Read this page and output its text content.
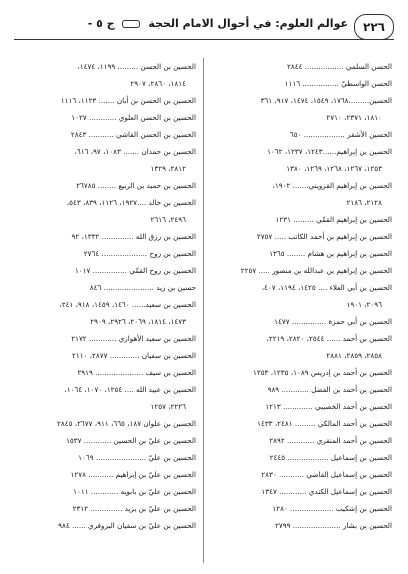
٢٢٦
عوالم العلوم: في أحوال الامام الحجة  ج ٥ -
الحسن السلمي ................. ٢٨٤٤
الحسن الواسطيّ ................ ١١١٦
الحسين.........١٧٦٨، ١٥٤٩، ١٤٧٤، ٩١٧، ٣٦١
١٨١٠، ٢٣٧١، ٢٧١٠
الحسين الأشقر .................. ٦٥٠
الحسين بن إبراهيم......١٢٤٣، ١٢٣٧، ١٠٦٢
١٢٥٣، ١٢٦٧، ١٢٦٨، ١٢٦٩، ١٣٨٠
الحسين بن إبراهيم القزويني....... ١٩٠٢،
٢١٢٨، ٢١٨٦
الحسين بن إبراهيم القمّي ......... ١٢٣١
الحسين بن إبراهيم بن أحمد الكاتب ..... ٢٧٥٧
الحسين بن إبراهيم بن هشام ........ ١٣٦٥
الحسين بن إبراهيم بن عبدالله بن منصور ..... ٢٢٥٧
الحسين بن أبي العلاء .... ١٤٢٥، ١١٩٤، ٤٠٧،
٢٠٩٦، ١٩٠١
الحسين بن أبي حمزة ............... ١٤٧٧
الحسين بن أحمد ...... ٢٥٤٤، ٢٨٢٠، ٢٢١٩،
٢٨٥٨، ٢٨٥٩، ٢٨٨١
الحسين بن أحمد بن إدريس ١٠٨٩، ١٢٣٥، ١٢٥٣
الحسين بن أحمد بن الفضل ............ ٩٨٩
الحسين بن أحمد الخصيبي ............. ١٢١٣
الحسين بن أحمد المالكي ......... ٢٤٨١، ١٤٣٣
الحسين بن أحمد المنقري ............ ٢٨٩٢
الحسين بن إسماعيل .................. ٢٤٤٥
الحسين بن إسماعيل القاضي ........... ٢٨٣٠
الحسين بن إسماعيل الكندي ............ ١٣٤٧
الحسين بن إشكيب ................... ١٢٨٠
الحسين بن بشار ..................... ٢٧٩٩
الحسين بن الحسن ......... ١١٩٩، ١٤٧٤،
١٨١٤، ٢٨٦٠، ٢٩٠٧
الحسين بن الحسن بن أبان ....... ١١٢٣، ١١١٦
الحسين بن الحسن العلوي ............ ١٠٢٧
الحسين بن الحسن القاشي ........... ٢٨٤٣
الحسين بن حمدان ....... ١٠٨٣، ٩٧، ٦١٦،
٢٨١٢، ١٣٢٩
الحسين بن حميد بن الربيع ........ ٢٦٧٨٥
الحسين بن خالد ....١٩٢٧، ١١٢٦، ٨٣٩، ٥٤٣،
٢٤٩٦، ٢٦١٦
الحسين بن رزق الله .............. ١٣٣٢، ٩٢
الحسين بن روح .................... ٢٧٦٤
الحسين بن روح القمّي ............... ١٠١٧
حسين بن زيد ...................... ٨٤٦
الحسين بن سعيد...... ١٤٦٠، ١٤٥٩، ٩١٨، ٢٤١،
١٤٧٣، ١٨١٤، ٢٠٦٩، ٢٩٢٦، ٢٩٠٩
الحسين بن سعيد الأهوازي ............ ٢١٧٢
الحسين بن سفيان ............. ٢٨٧٧، ٢١١٠
الحسين بن سيف ..................... ٢٩١٩
الحسين بن عبيد الله .... ١٢٥٤، ١٠٧٠، ١٠٦٤،
٢٢٢٦، ١٢٥٧
الحسين بن علوان ١٨٧، ٦٦٥، ٩١١، ٢٦٧٧، ٢٨٤٥
الحسين بن عليّ بن الحسين ............ ١٥٣٧
الحسين بن عليّ ...................... ١٠٦٩
الحسين بن عليّ بن إبراهيم ........... ١٢٧٨
الحسين بن عليّ بن بابويه ............ ١٠١١
الحسين بن عليّ بن يزيد .............. ٢٣١٢
الحسين بن عليّ بن سفيان البزوفري ...... ٩٨٤
